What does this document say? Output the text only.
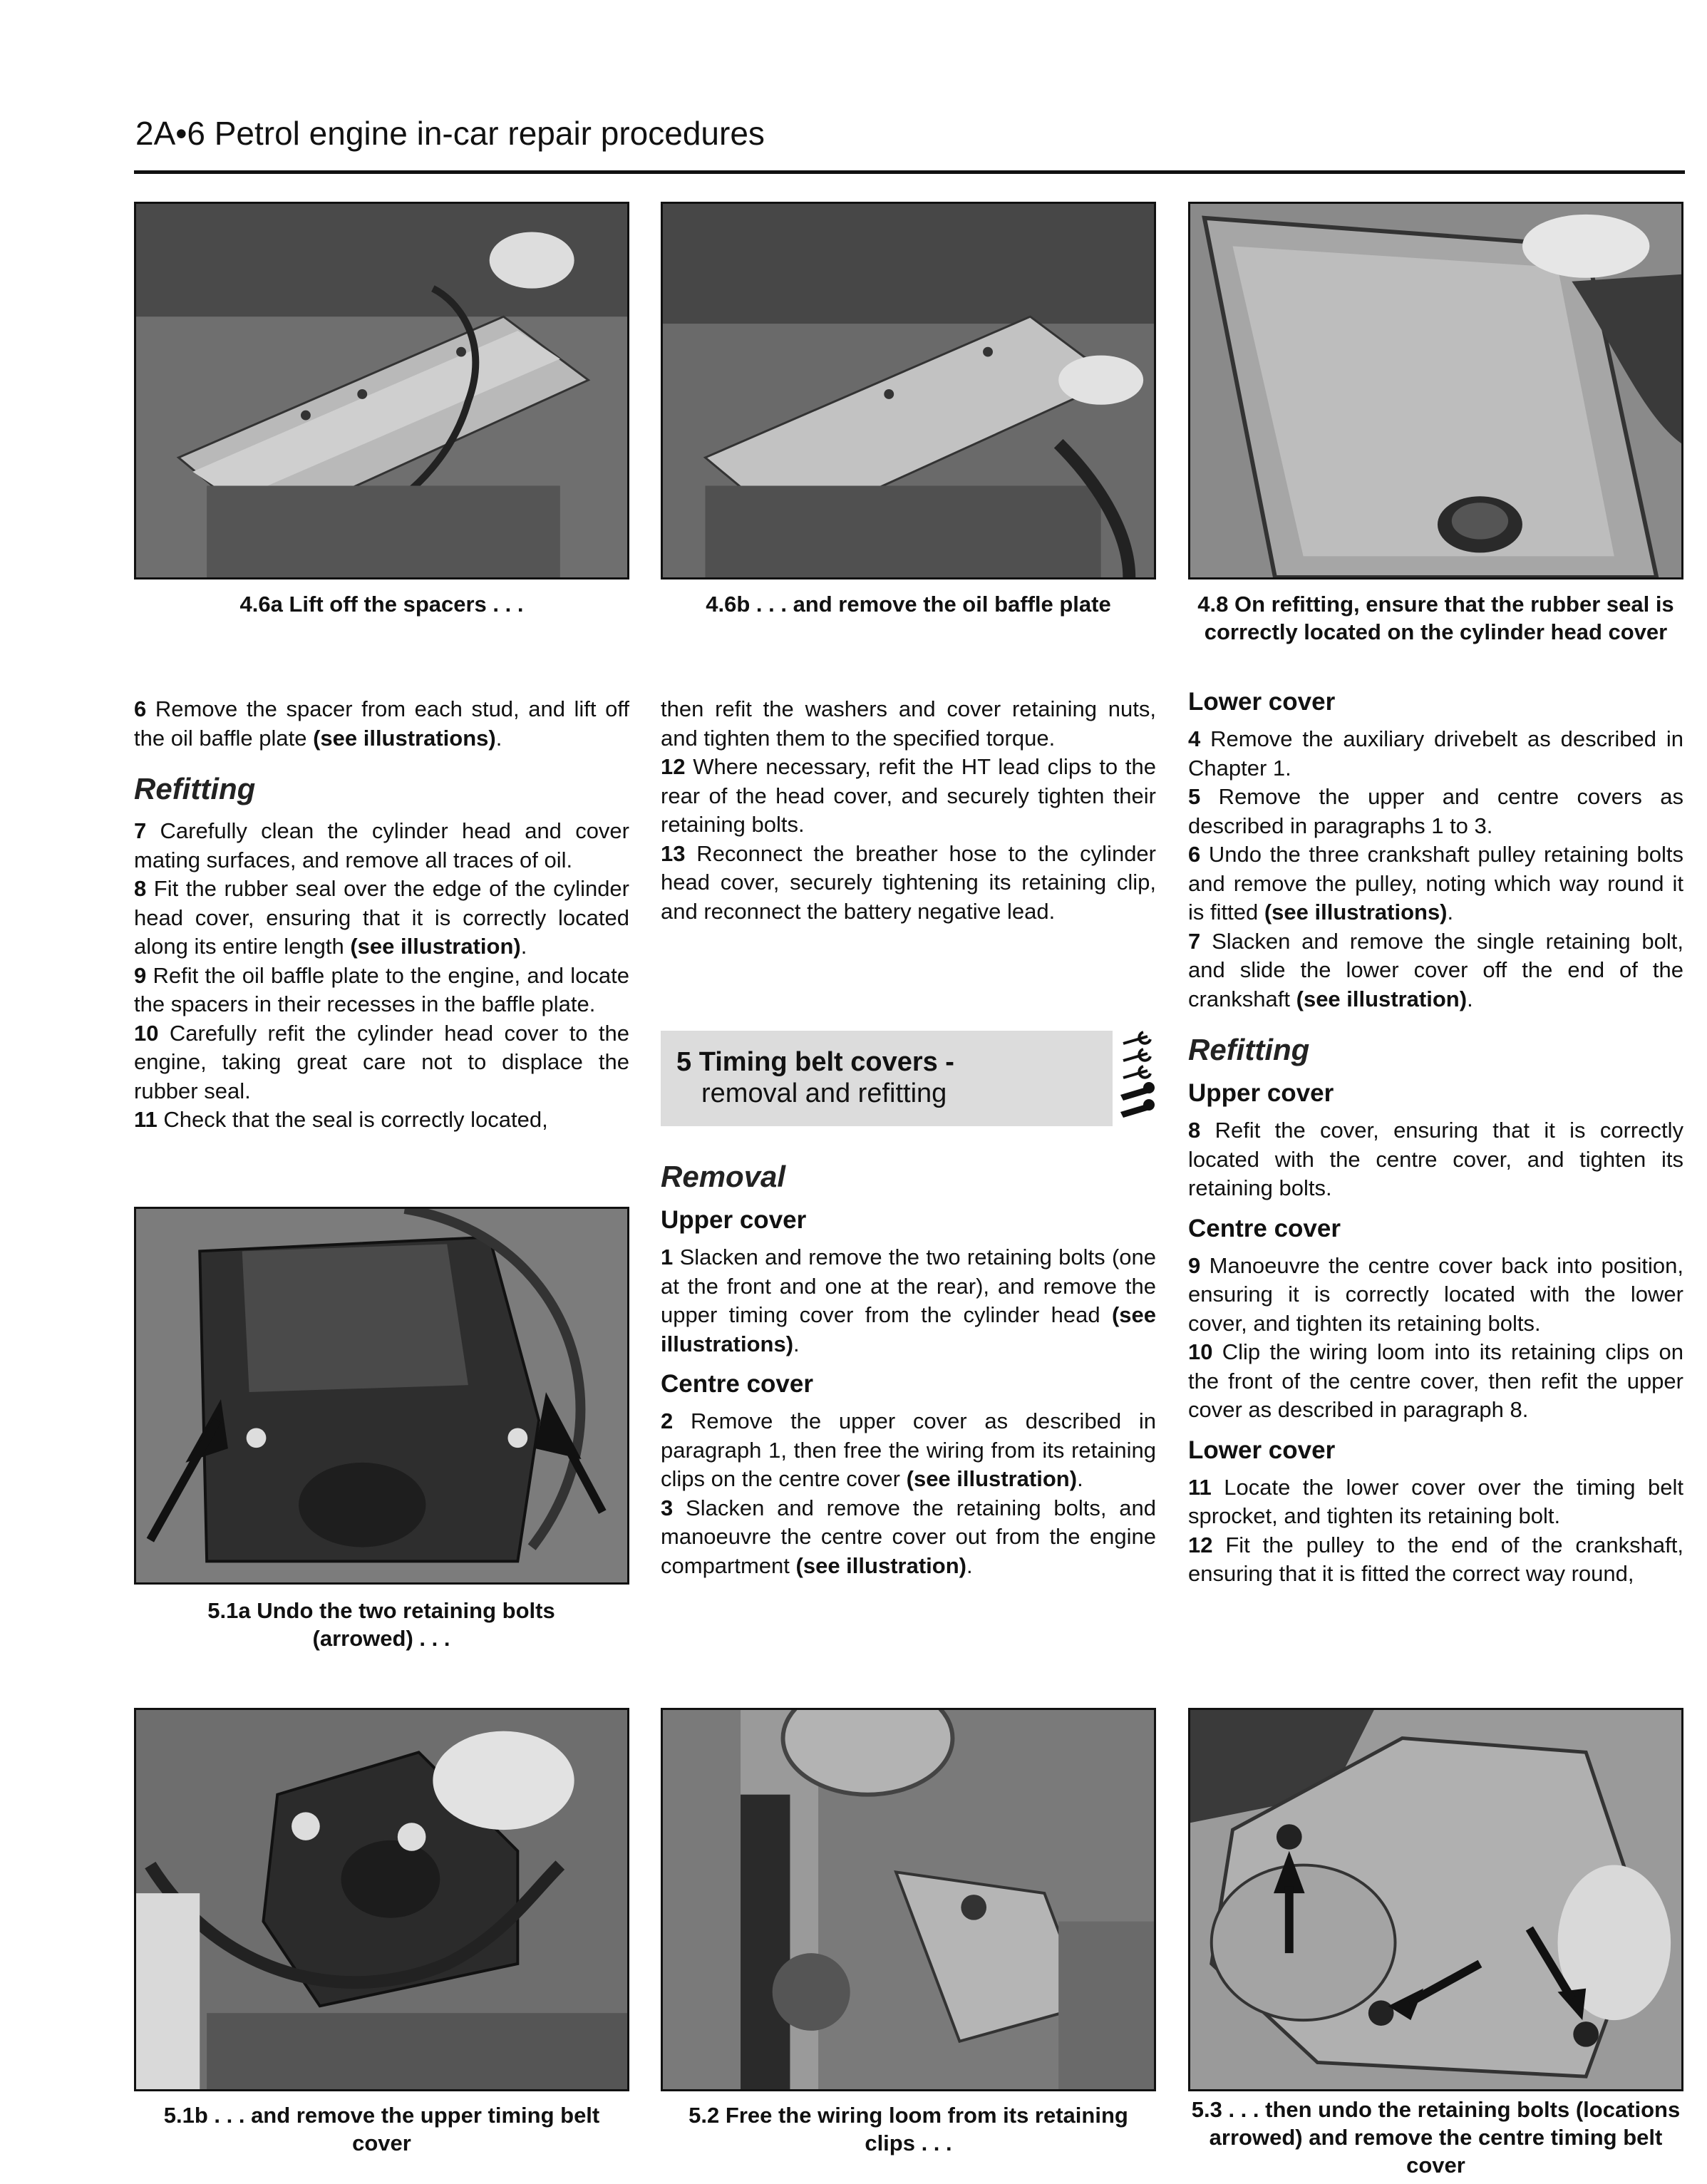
2A•6 Petrol engine in-car repair procedures
4.6a Lift off the spacers . . .	4.6b . . . and remove the oil baffle plate	4.8 On refitting, ensure that the rubber seal is correctly located on the cylinder head cover

6 Remove the spacer from each stud, and lift off the oil baffle plate (see illustrations).

Refitting

7 Carefully clean the cylinder head and cover mating surfaces, and remove all traces of oil.

8 Fit the rubber seal over the edge of the cylinder head cover, ensuring that it is correctly located along its entire length (see illustration).

9 Refit the oil baffle plate to the engine, and locate the spacers in their recesses in the baffle plate.

10 Carefully refit the cylinder head cover to the engine, taking great care not to displace the rubber seal.

11 Check that the seal is correctly located,

5.1a Undo the two retaining bolts (arrowed) . . .

then refit the washers and cover retaining nuts, and tighten them to the specified torque.

12 Where necessary, refit the HT lead clips to the rear of the head cover, and securely tighten their retaining bolts.

13 Reconnect the breather hose to the cylinder head cover, securely tightening its retaining clip, and reconnect the battery negative lead.

5 Timing belt covers -
removal and refitting
Removal
Upper cover

1 Slacken and remove the two retaining bolts (one at the front and one at the rear), and remove the upper timing cover from the cylinder head (see illustrations).

Centre cover

2 Remove the upper cover as described in paragraph 1, then free the wiring from its retaining clips on the centre cover (see illustration).

3 Slacken and remove the retaining bolts, and manoeuvre the centre cover out from the engine compartment (see illustration).

Lower cover

4 Remove the auxiliary drivebelt as described in Chapter 1.

5 Remove the upper and centre covers as described in paragraphs 1 to 3.

6 Undo the three crankshaft pulley retaining bolts and remove the pulley, noting which way round it is fitted (see illustrations).

7 Slacken and remove the single retaining bolt, and slide the lower cover off the end of the crankshaft (see illustration).

Refitting
Upper cover

8 Refit the cover, ensuring that it is correctly located with the centre cover, and tighten its retaining bolts.

Centre cover

9 Manoeuvre the centre cover back into position, ensuring it is correctly located with the lower cover, and tighten its retaining bolts.

10 Clip the wiring loom into its retaining clips on the front of the centre cover, then refit the upper cover as described in paragraph 8.

Lower cover

11 Locate the lower cover over the timing belt sprocket, and tighten its retaining bolt.

12 Fit the pulley to the end of the crankshaft, ensuring that it is fitted the correct way round,

5.1b . . . and remove the upper timing belt cover
5.2 Free the wiring loom from its retaining clips . . .
5.3 . . . then undo the retaining bolts (locations arrowed) and remove the centre timing belt cover
